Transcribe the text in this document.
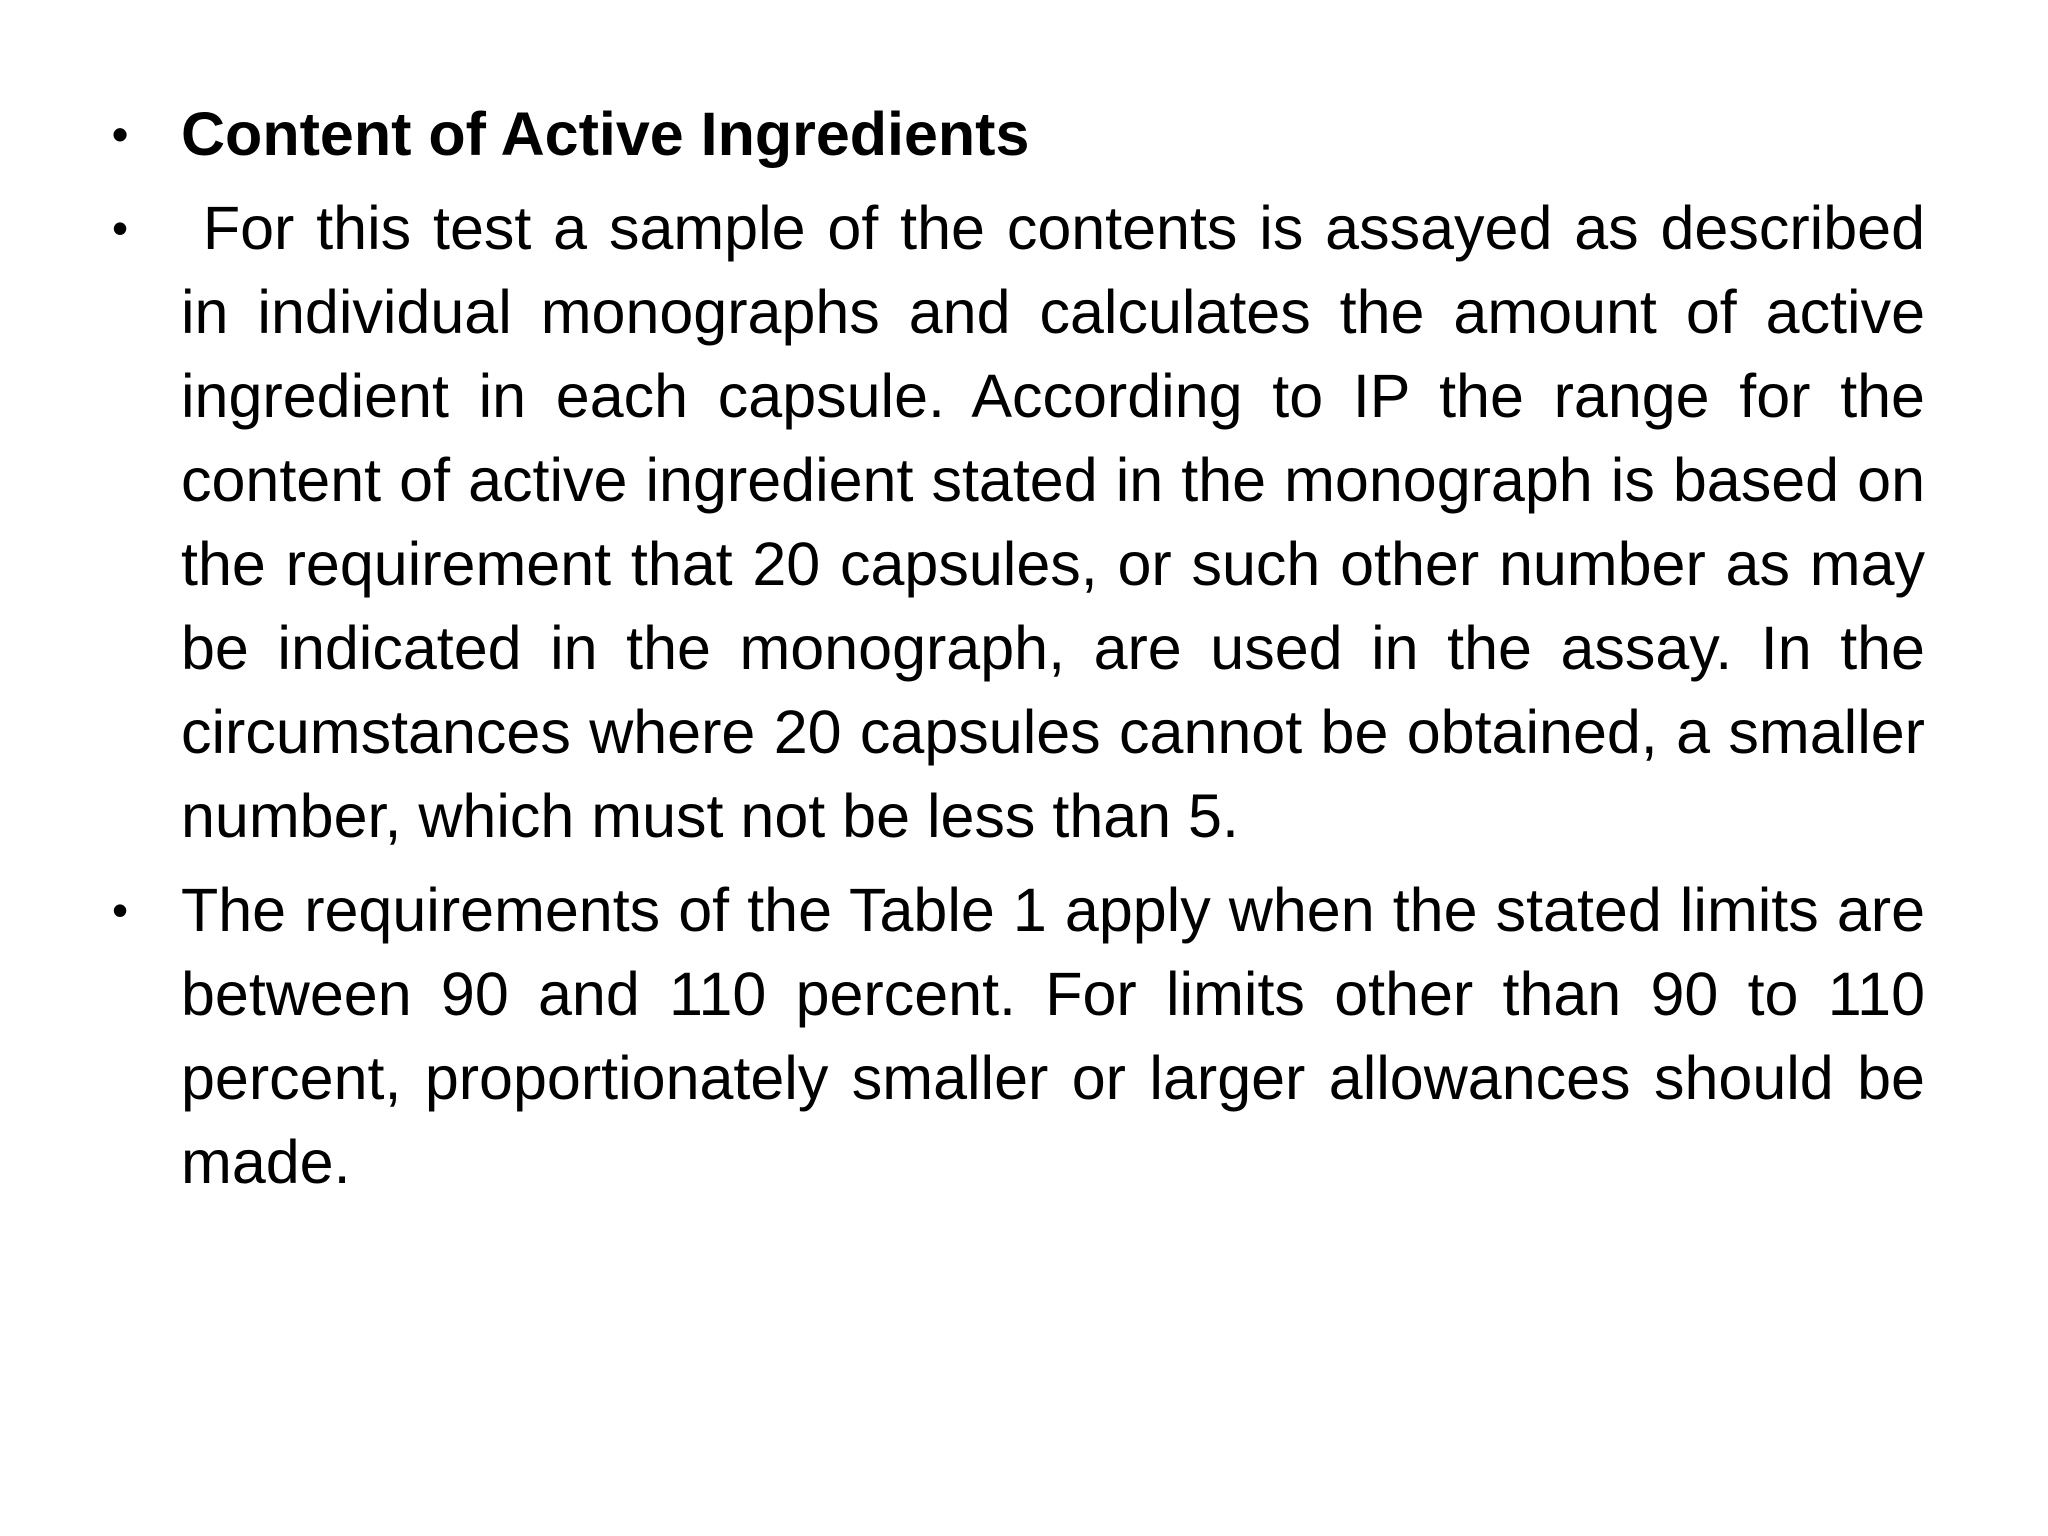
• Content of Active Ingredients
• For this test a sample of the contents is assayed as described in individual monographs and calculates the amount of active ingredient in each capsule. According to IP the range for the content of active ingredient stated in the monograph is based on the requirement that 20 capsules, or such other number as may be indicated in the monograph, are used in the assay. In the circumstances where 20 capsules cannot be obtained, a smaller number, which must not be less than 5.
• The requirements of the Table 1 apply when the stated limits are between 90 and 110 percent. For limits other than 90 to 110 percent, proportionately smaller or larger allowances should be made.
